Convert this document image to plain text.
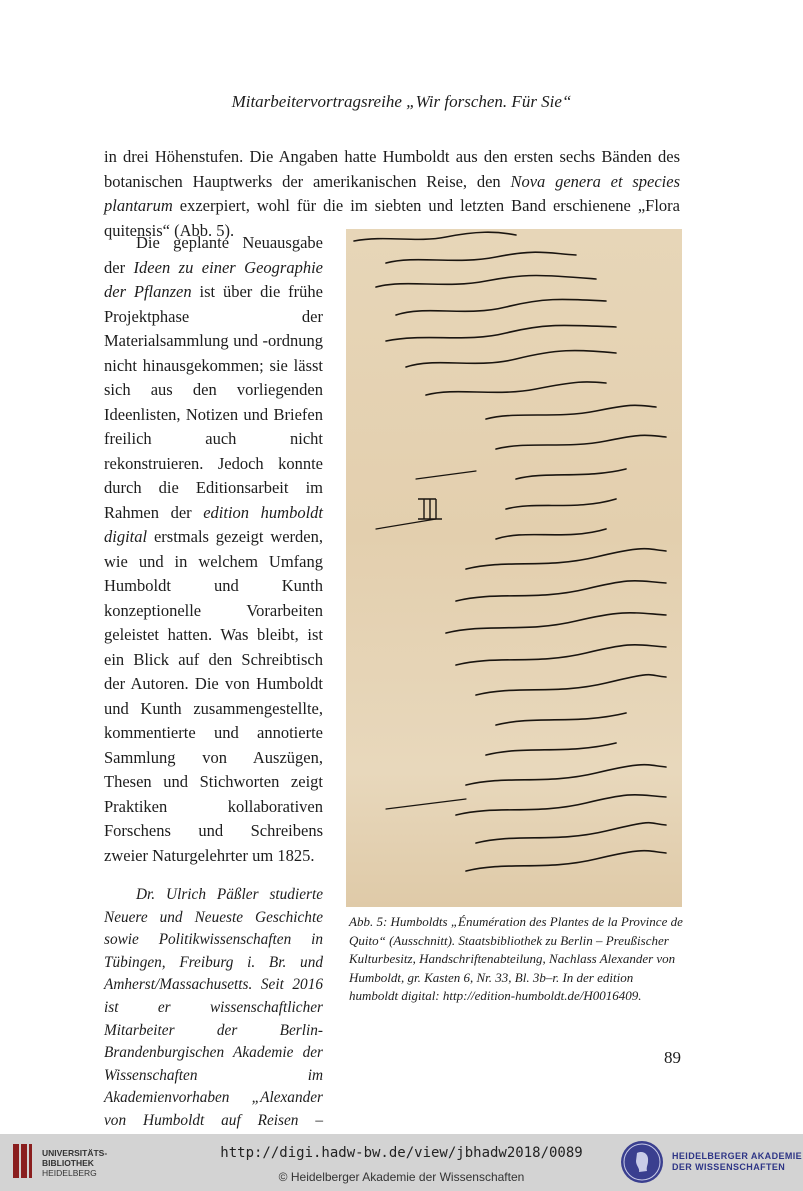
Mitarbeitervortragsreihe „Wir forschen. Für Sie“
in drei Höhenstufen. Die Angaben hatte Humboldt aus den ersten sechs Bänden des botanischen Hauptwerks der amerikanischen Reise, den Nova genera et species plantarum exzerpiert, wohl für die im siebten und letzten Band erschienene „Flora quitensis“ (Abb. 5).

Die geplante Neuausgabe der Ideen zu einer Geographie der Pflanzen ist über die frühe Projektphase der Materialsammlung und -ordnung nicht hinausgekommen; sie lässt sich aus den vorliegenden Ideenlisten, Notizen und Briefen freilich auch nicht rekonstruieren. Jedoch konnte durch die Editionsarbeit im Rahmen der edition humboldt digital erstmals gezeigt werden, wie und in welchem Umfang Humboldt und Kunth konzeptionelle Vorarbeiten geleistet hatten. Was bleibt, ist ein Blick auf den Schreibtisch der Autoren. Die von Humboldt und Kunth zusammengestellte, kommentierte und annotierte Sammlung von Auszügen, Thesen und Stichworten zeigt Praktiken kollaborativen Forschens und Schreibens zweier Naturgelehrter um 1825.

Dr. Ulrich Päßler studierte Neuere und Neueste Geschichte sowie Politikwissenschaften in Tübingen, Freiburg i. Br. und Amherst/Massachusetts. Seit 2016 ist er wissenschaftlicher Mitarbeiter der Berlin-Brandenburgischen Akademie der Wissenschaften im Akademienvorhaben „Alexander von Humboldt auf Reisen –

Abb. 5: Humboldts „Énumération des Plantes de la Province de Quito“ (Ausschnitt). Staatsbibliothek zu Berlin – Preußischer Kulturbesitz, Handschriftenabteilung, Nachlass Alexander von Humboldt, gr. Kasten 6, Nr. 33, Bl. 3b–r. In der edition humboldt digital: http://edition-humboldt.de/H0016409.
89
UNIVERSITÄTS-
BIBLIOTHEK
HEIDELBERG
http://digi.hadw-bw.de/view/jbhadw2018/0089
© Heidelberger Akademie der Wissenschaften
HEIDELBERGER AKADEMIE
DER WISSENSCHAFTEN
